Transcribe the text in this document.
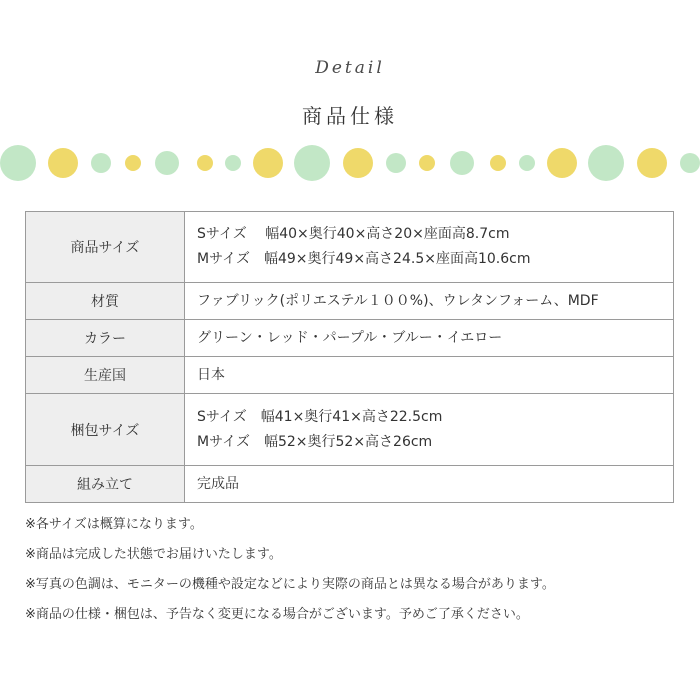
Detail
商品仕様
商品サイズ	Sサイズ　 幅40×奥行40×高さ20×座面高8.7cm
Mサイズ　幅49×奥行49×高さ24.5×座面高10.6cm

材質	ファブリック(ポリエステル１００%)、ウレタンフォーム、MDF

カラー	グリーン・レッド・パープル・ブルー・イエロー

生産国	日本

梱包サイズ	Sサイズ　幅41×奥行41×高さ22.5cm
Mサイズ　幅52×奥行52×高さ26cm

組み立て	完成品
※各サイズは概算になります。
※商品は完成した状態でお届けいたします。
※写真の色調は、モニターの機種や設定などにより実際の商品とは異なる場合があります。
※商品の仕様・梱包は、予告なく変更になる場合がございます。予めご了承ください。
